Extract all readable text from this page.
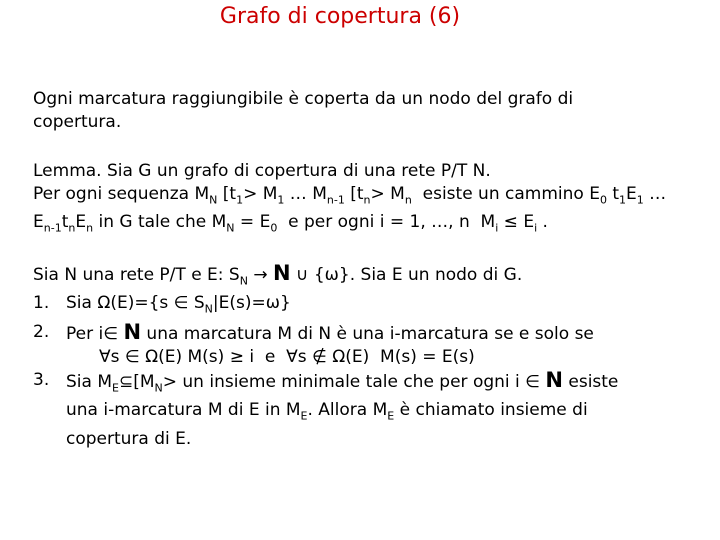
Grafo di copertura (6)
Ogni marcatura raggiungibile è coperta da un nodo del grafo di
copertura.
Lemma. Sia G un grafo di copertura di una rete P/T N.
Per ogni sequenza $M_N$ [$t_1> M_1$ … $M_{n-1}$ [$t_n> M_n$  esiste un cammino $E_0$ $t_1E_1$ …
$E_{n-1}t_nE_n$ in G tale che $M_N = E_0$  e per ogni i = 1, …, n  $M_i \le E_i$ .
Sia N una rete P/T e E: $S_N \to N$ ∪ {ω}. Sia E un nodo di G.
1. Sia Ω(E)={s ∈ $S_N|E(s)=\omega$}
2. Per i∈ N una marcatura M di N è una i-marcatura se e solo se
∀s ∈ Ω(E) M(s) ≥ i  e  ∀s ∉ Ω(E)  M(s) = E(s)
3. Sia $M_E⊆[M_N>$ un insieme minimale tale che per ogni i ∈ N esiste
una i-marcatura M di E in $M_E$. Allora $M_E$ è chiamato insieme di
copertura di E.
